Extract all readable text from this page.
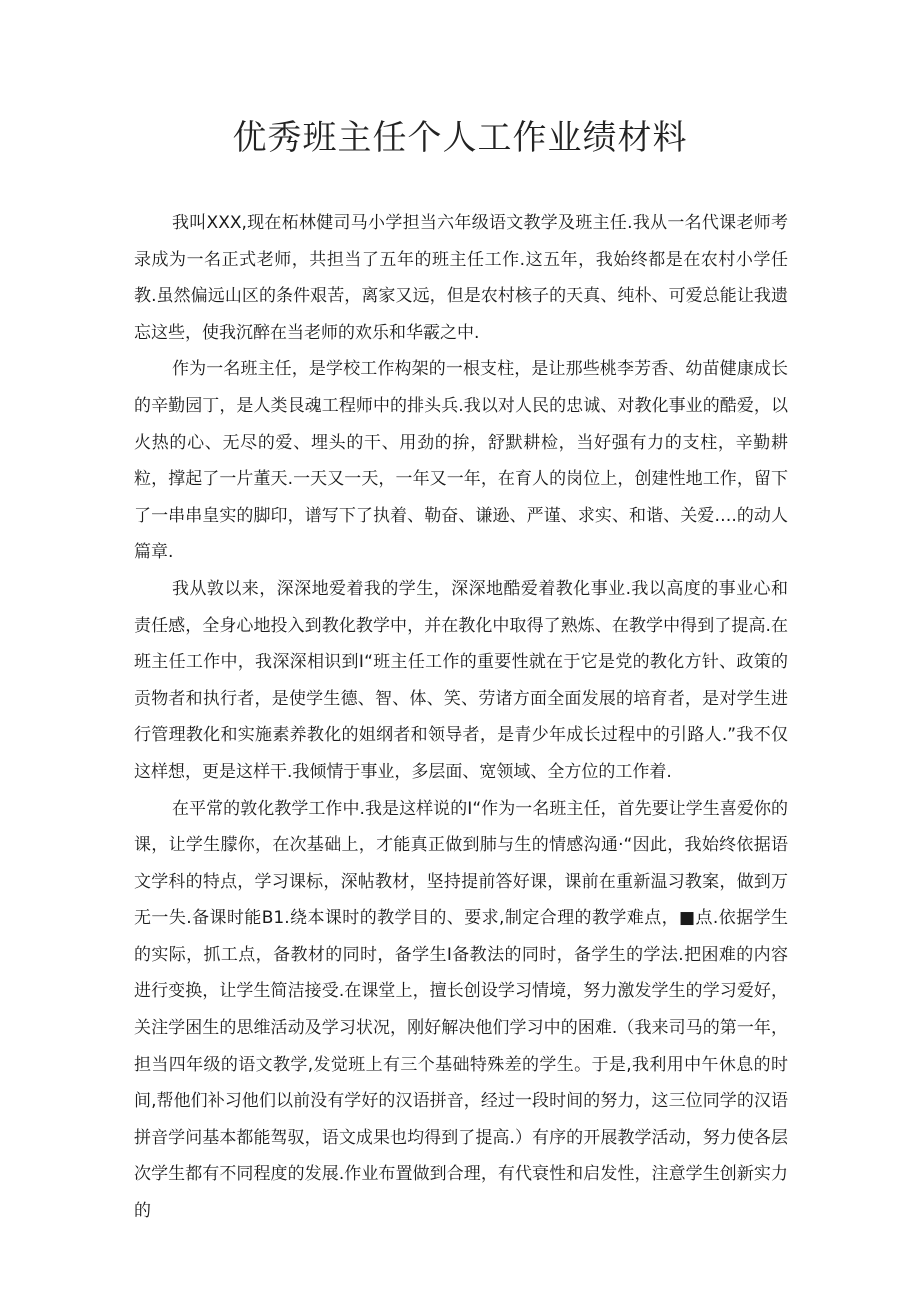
优秀班主任个人工作业绩材料

我叫XXX,现在柘林健司马小学担当六年级语文教学及班主任.我从一名代课老师考录成为一名正式老师，共担当了五年的班主任工作.这五年，我始终都是在农村小学任教.虽然偏远山区的条件艰苦，离家又远，但是农村核子的天真、纯朴、可爱总能让我遗忘这些，使我沉醉在当老师的欢乐和华霰之中.

作为一名班主任，是学校工作构架的一根支柱，是让那些桃李芳香、幼苗健康成长的辛勤园丁，是人类艮魂工程师中的排头兵.我以对人民的忠诚、对教化事业的酷爱，以火热的心、无尽的爱、埋头的干、用劲的拚，舒默耕检，当好强有力的支柱，辛勤耕粒，撑起了一片董天.一天又一天，一年又一年，在育人的岗位上，创建性地工作，留下了一串串皇实的脚印，谱写下了执着、勒奋、谦逊、严谨、求实、和谐、关爱….的动人篇章.

我从敦以来，深深地爱着我的学生，深深地酷爱着教化事业.我以高度的事业心和责任感，全身心地投入到教化教学中，并在教化中取得了熟炼、在教学中得到了提高.在班主任工作中，我深深相识到Ⅰ“班主任工作的重要性就在于它是党的教化方针、政策的贡物者和执行者，是使学生德、智、体、笑、劳诸方面全面发展的培育者，是对学生进行管理教化和实施素养教化的姐纲者和领导者，是青少年成长过程中的引路人.”我不仅这样想，更是这样干.我倾情于事业，多层面、宽领域、全方位的工作着.

在平常的敦化教学工作中.我是这样说的Ⅰ“作为一名班主任，首先要让学生喜爱你的课，让学生朦你，在次基础上，才能真正做到肺与生的情感沟通·“因此，我始终依据语文学科的特点，学习课标，深帖教材，坚持提前答好课，课前在重新温习教案，做到万无一失.备课时能B1.绕本课时的教学目的、要求,制定合理的教学难点，■点.依据学生的实际，抓工点，备教材的同时，备学生Ⅰ备教法的同时，备学生的学法.把困难的内容进行变换，让学生简洁接受.在课堂上，擅长创设学习情境，努力激发学生的学习爱好，关注学困生的思维活动及学习状况，刚好解决他们学习中的困难.（我来司马的第一年，担当四年级的语文教学,发觉班上有三个基础特殊差的学生。于是,我利用中午休息的时间,帮他们补习他们以前没有学好的汉语拼音，经过一段时间的努力，这三位同学的汉语拼音学问基本都能驾驭，语文成果也均得到了提高.）有序的开展教学活动，努力使各层次学生都有不同程度的发展.作业布置做到合理，有代衰性和启发性，注意学生创新实力的
